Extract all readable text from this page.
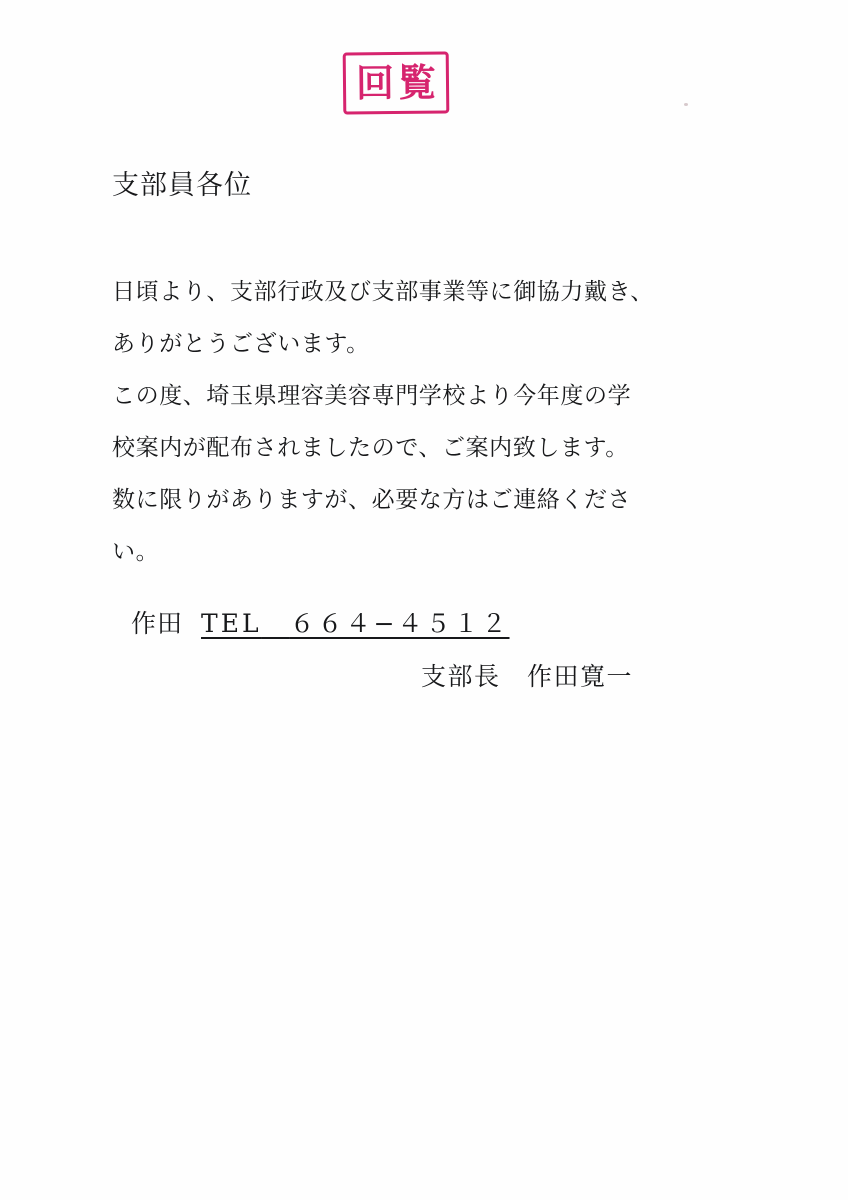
回 覧
支部員各位
日頃より、支部行政及び支部事業等に御協力戴き、
ありがとうございます。
この度、埼玉県理容美容専門学校より今年度の学
校案内が配布されましたので、ご案内致します。
数に限りがありますが、必要な方はご連絡くださ
い。
作田 TEL　 ６６４−４５１２
支部長　作田寛一
